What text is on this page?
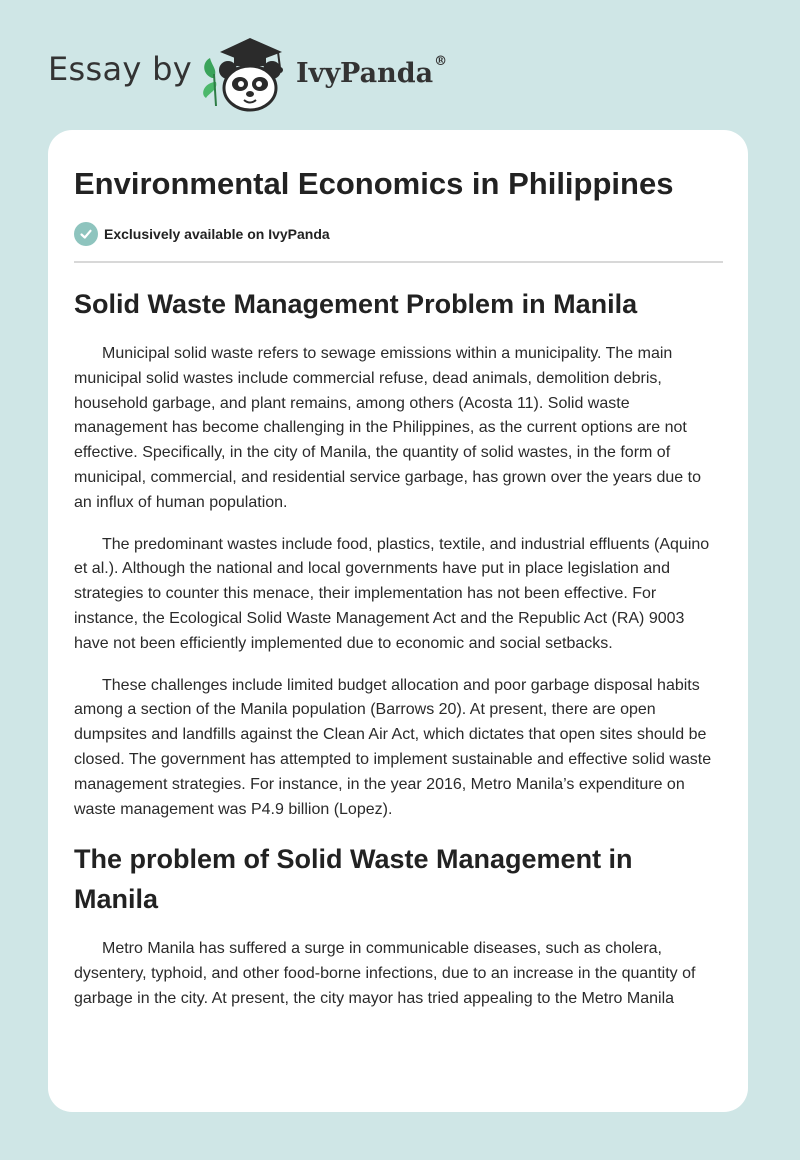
Essay by	IvyPanda®
Environmental Economics in Philippines
Exclusively available on IvyPanda
Solid Waste Management Problem in Manila

Municipal solid waste refers to sewage emissions within a municipality. The main municipal solid wastes include commercial refuse, dead animals, demolition debris, household garbage, and plant remains, among others (Acosta 11). Solid waste management has become challenging in the Philippines, as the current options are not effective. Specifically, in the city of Manila, the quantity of solid wastes, in the form of municipal, commercial, and residential service garbage, has grown over the years due to an influx of human population.

The predominant wastes include food, plastics, textile, and industrial effluents (Aquino et al.). Although the national and local governments have put in place legislation and strategies to counter this menace, their implementation has not been effective. For instance, the Ecological Solid Waste Management Act and the Republic Act (RA) 9003 have not been efficiently implemented due to economic and social setbacks.

These challenges include limited budget allocation and poor garbage disposal habits among a section of the Manila population (Barrows 20). At present, there are open dumpsites and landfills against the Clean Air Act, which dictates that open sites should be closed. The government has attempted to implement sustainable and effective solid waste management strategies. For instance, in the year 2016, Metro Manila’s expenditure on waste management was P4.9 billion (Lopez).

The problem of Solid Waste Management in Manila

Metro Manila has suffered a surge in communicable diseases, such as cholera, dysentery, typhoid, and other food-borne infections, due to an increase in the quantity of garbage in the city. At present, the city mayor has tried appealing to the Metro Manila
